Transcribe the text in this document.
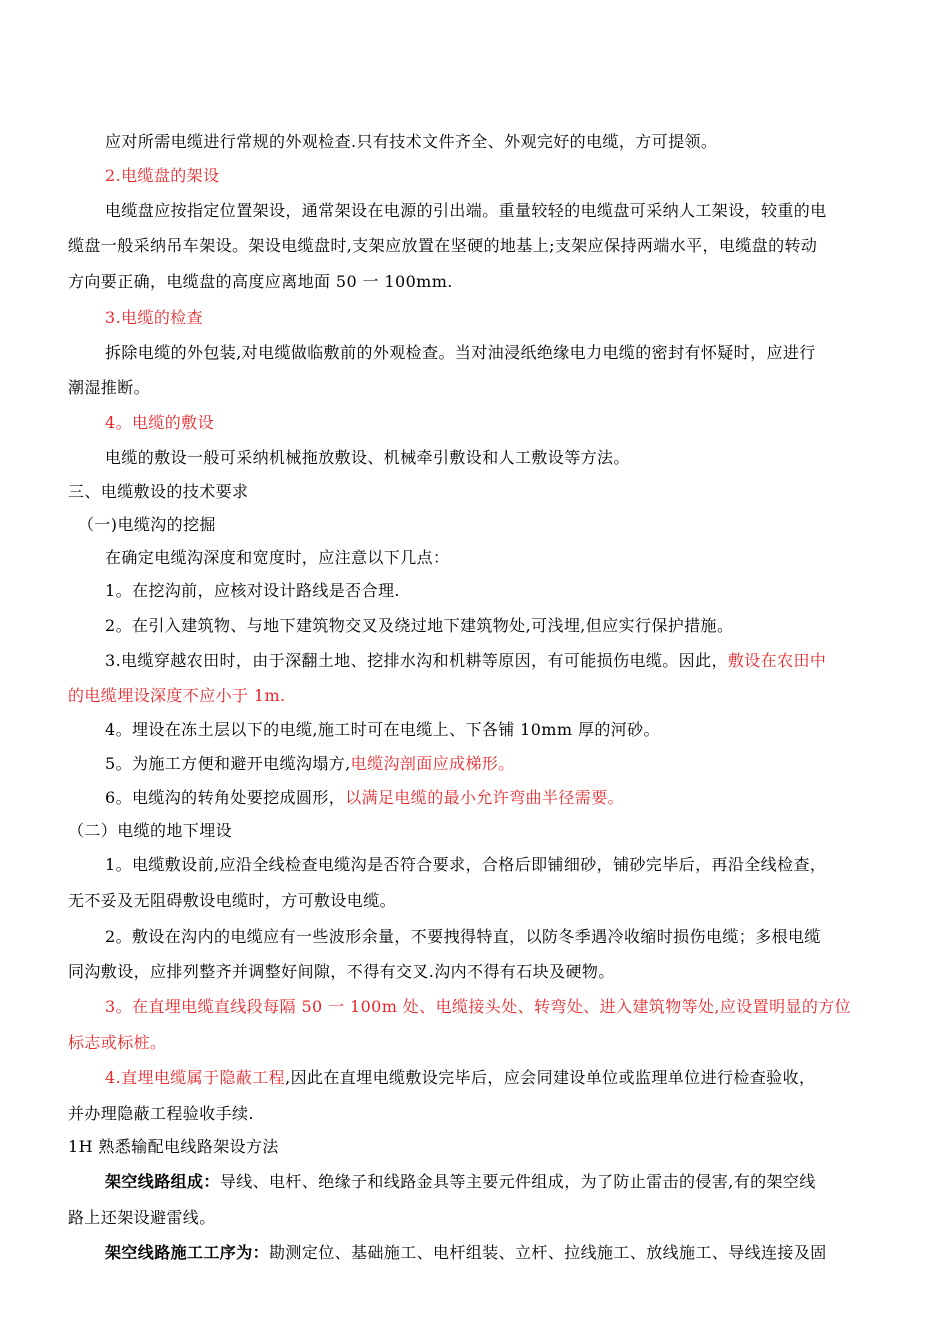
应对所需电缆进行常规的外观检查.只有技术文件齐全、外观完好的电缆，方可提领。
2.电缆盘的架设
电缆盘应按指定位置架设，通常架设在电源的引出端。重量较轻的电缆盘可采纳人工架设，较重的电
缆盘一般采纳吊车架设。架设电缆盘时,支架应放置在坚硬的地基上;支架应保持两端水平，电缆盘的转动
方向要正确，电缆盘的高度应离地面 50 一 100mm.
3.电缆的检查
拆除电缆的外包装,对电缆做临敷前的外观检查。当对油浸纸绝缘电力电缆的密封有怀疑时，应进行
潮湿推断。
4。电缆的敷设
电缆的敷设一般可采纳机械拖放敷设、机械牵引敷设和人工敷设等方法。
三、电缆敷设的技术要求
（一)电缆沟的挖掘
在确定电缆沟深度和宽度时，应注意以下几点：
1。在挖沟前，应核对设计路线是否合理.
2。在引入建筑物、与地下建筑物交叉及绕过地下建筑物处,可浅埋,但应实行保护措施。
3.电缆穿越农田时，由于深翻土地、挖排水沟和机耕等原因，有可能损伤电缆。因此，敷设在农田中
的电缆埋设深度不应小于 1m.
4。埋设在冻土层以下的电缆,施工时可在电缆上、下各铺 10mm 厚的河砂。
5。为施工方便和避开电缆沟塌方,电缆沟剖面应成梯形。
6。电缆沟的转角处要挖成圆形，以满足电缆的最小允许弯曲半径需要。
（二）电缆的地下埋设
1。电缆敷设前,应沿全线检查电缆沟是否符合要求，合格后即铺细砂，铺砂完毕后，再沿全线检查，
无不妥及无阻碍敷设电缆时，方可敷设电缆。
2。敷设在沟内的电缆应有一些波形余量，不要拽得特直，以防冬季遇冷收缩时损伤电缆；多根电缆
同沟敷设，应排列整齐并调整好间隙，不得有交叉.沟内不得有石块及硬物。
3。在直埋电缆直线段每隔 50 一 100m 处、电缆接头处、转弯处、进入建筑物等处,应设置明显的方位
标志或标桩。
4.直埋电缆属于隐蔽工程,因此在直埋电缆敷设完毕后，应会同建设单位或监理单位进行检查验收，
并办理隐蔽工程验收手续.
1H 熟悉输配电线路架设方法
架空线路组成：导线、电杆、绝缘子和线路金具等主要元件组成，为了防止雷击的侵害,有的架空线
路上还架设避雷线。
架空线路施工工序为：勘测定位、基础施工、电杆组装、立杆、拉线施工、放线施工、导线连接及固
